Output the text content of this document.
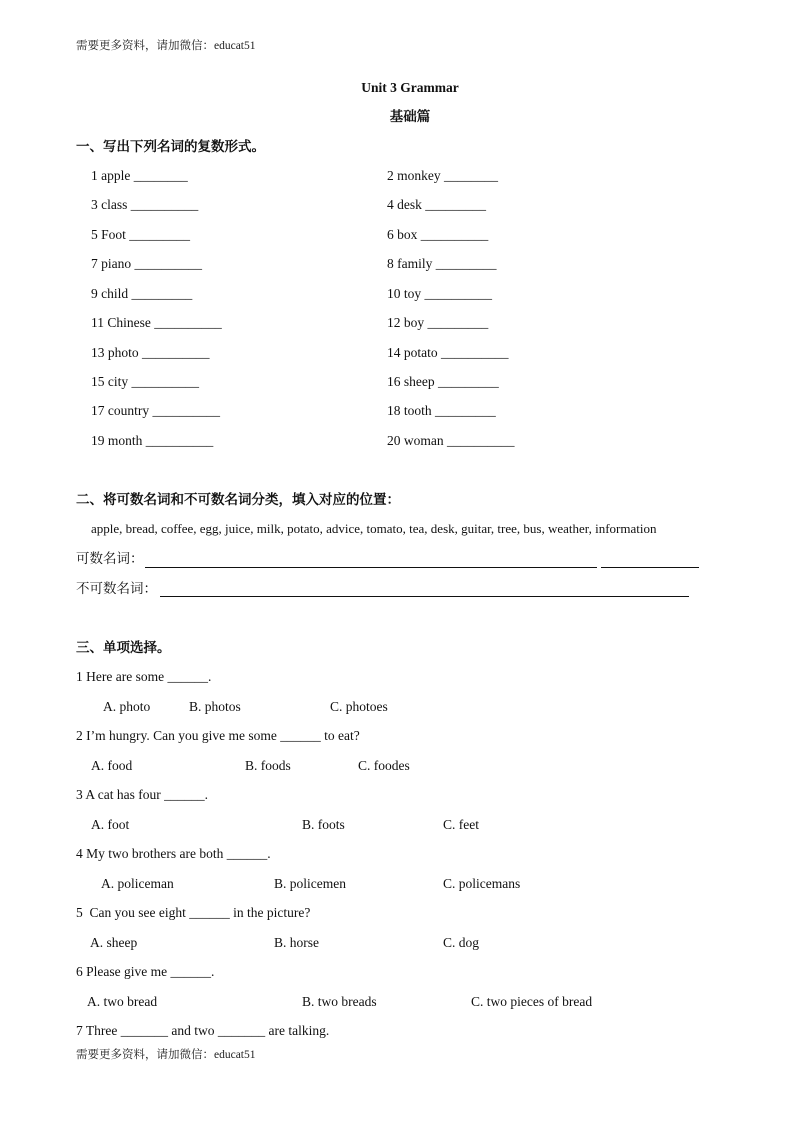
需要更多资料，请加微信：educat51
Unit 3 Grammar
基础篇
一、写出下列名词的复数形式。
1 apple ________	2 monkey ________
3 class __________	4 desk _________
5 Foot _________	6 box __________
7 piano __________	8 family _________
9 child _________	10 toy __________
11 Chinese __________	12 boy _________
13 photo __________	14 potato __________
15 city __________	16 sheep _________
17 country __________	18 tooth _________
19 month __________	20 woman __________
二、将可数名词和不可数名词分类，填入对应的位置：
apple, bread, coffee, egg, juice, milk, potato, advice, tomato, tea, desk, guitar, tree, bus, weather, information
可数名词：
不可数名词：
三、单项选择。
1 Here are some ______.
A. photo	B. photos	C. photoes
2 I’m hungry. Can you give me some ______ to eat?
A. food	B. foods	C. foodes
3 A cat has four ______.
A. foot	B. foots	C. feet
4 My two brothers are both ______.
A. policeman	B. policemen	C. policemans
5  Can you see eight ______ in the picture?
A. sheep	B. horse	C. dog
6 Please give me ______.
A. two bread	B. two breads	C. two pieces of bread
7 Three _______ and two _______ are talking.
需要更多资料，请加微信：educat51
